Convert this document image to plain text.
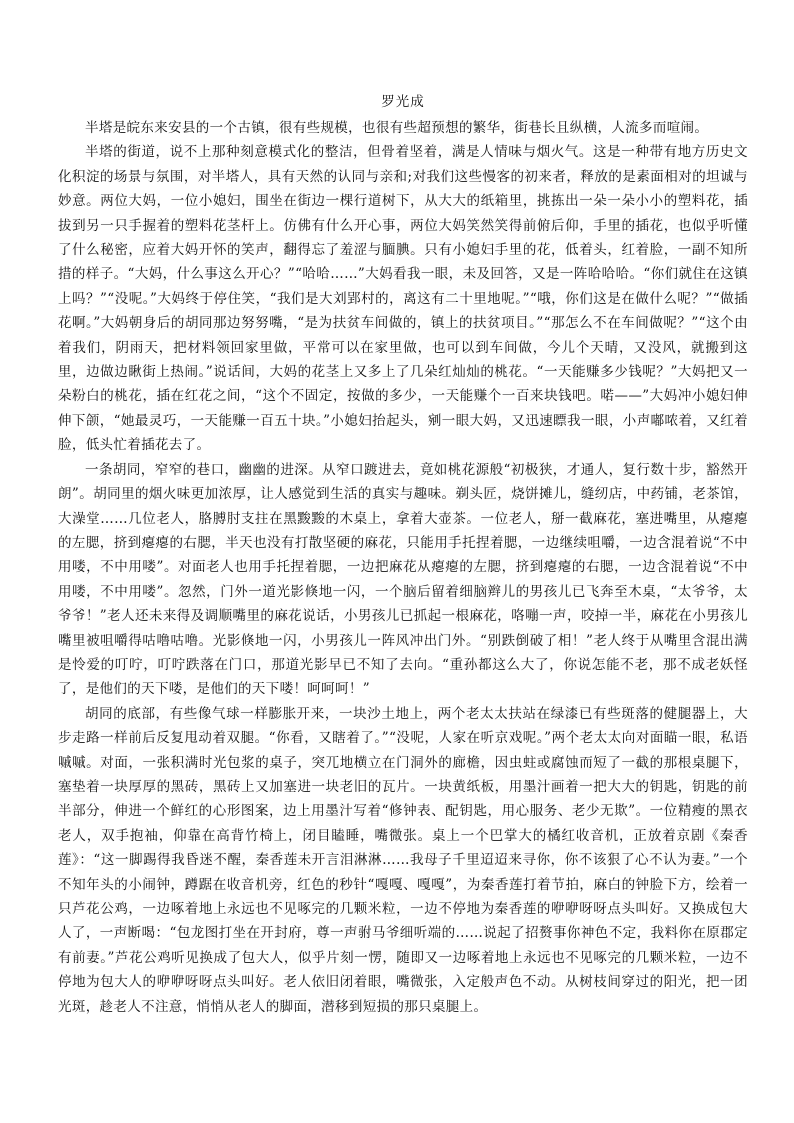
罗光成

半塔是皖东来安县的一个古镇，很有些规模，也很有些超预想的繁华，街巷长且纵横，人流多而喧闹。

半塔的街道，说不上那种刻意模式化的整洁，但骨着坚着，满是人情味与烟火气。这是一种带有地方历史文化积淀的场景与氛围，对半塔人，具有天然的认同与亲和;对我们这些慢客的初来者，释放的是素面相对的坦诚与妙意。两位大妈，一位小媳妇，围坐在街边一棵行道树下，从大大的纸箱里，挑拣出一朵一朵小小的塑料花，插拔到另一只手握着的塑料花茎杆上。仿佛有什么开心事，两位大妈笑然笑得前俯后仰，手里的插花，也似乎听懂了什么秘密，应着大妈开怀的笑声，翻得忘了羞涩与腼腆。只有小媳妇手里的花，低着头，红着脸，一副不知所措的样子。“大妈，什么事这么开心？”“哈哈……”大妈看我一眼，未及回答，又是一阵哈哈哈。“你们就住在这镇上吗？”“没呢。”大妈终于停住笑，“我们是大刘郢村的，离这有二十里地呢。”“哦，你们这是在做什么呢？”“做插花啊。”大妈朝身后的胡同那边努努嘴，“是为扶贫车间做的，镇上的扶贫项目。”“那怎么不在车间做呢？”“这个由着我们，阴雨天，把材料领回家里做，平常可以在家里做，也可以到车间做，今儿个天晴，又没风，就搬到这里，边做边瞅街上热闹。”说话间，大妈的花茎上又多上了几朵红灿灿的桃花。“一天能赚多少钱呢？”大妈把又一朵粉白的桃花，插在红花之间，“这个不固定，按做的多少，一天能赚个一百来块钱吧。喏——”大妈冲小媳妇伸伸下颌，“她最灵巧，一天能赚一百五十块。”小媳妇抬起头，剜一眼大妈，又迅速瞟我一眼，小声嘟哝着，又红着脸，低头忙着插花去了。

一条胡同，窄窄的巷口，幽幽的进深。从窄口踱进去，竟如桃花源般“初极狭，才通人，复行数十步，豁然开朗”。胡同里的烟火味更加浓厚，让人感觉到生活的真实与趣味。剃头匠，烧饼摊儿，缝纫店，中药铺，老茶馆，大澡堂……几位老人，胳膊肘支拄在黑黢黢的木桌上，拿着大壶茶。一位老人，掰一截麻花，塞进嘴里，从瘪瘪的左腮，挤到瘪瘪的右腮，半天也没有打散坚硬的麻花，只能用手托捏着腮，一边继续咀嚼，一边含混着说“不中用喽，不中用喽”。对面老人也用手托捏着腮，一边把麻花从瘪瘪的左腮，挤到瘪瘪的右腮，一边含混着说“不中用喽，不中用喽”。忽然，门外一道光影倏地一闪，一个脑后留着细脑辫儿的男孩儿已飞奔至木桌，“太爷爷，太爷爷！”老人还未来得及调顺嘴里的麻花说话，小男孩儿已抓起一根麻花，咯嘣一声，咬掉一半，麻花在小男孩儿嘴里被咀嚼得咕噜咕噜。光影倏地一闪，小男孩儿一阵风冲出门外。“别跌倒破了相！”老人终于从嘴里含混出满是怜爱的叮咛，叮咛跌落在门口，那道光影早已不知了去向。“重孙都这么大了，你说怎能不老，那不成老妖怪了，是他们的天下喽，是他们的天下喽！呵呵呵！”

胡同的底部，有些像气球一样膨胀开来，一块沙土地上，两个老太太扶站在绿漆已有些斑落的健腿器上，大步走路一样前后反复甩动着双腿。“你看，又瞎着了。”“没呢，人家在听京戏呢。”两个老太太向对面瞄一眼，私语嘁嘁。对面，一张积满时光包浆的桌子，突兀地横立在门洞外的廊檐，因虫蛀或腐蚀而短了一截的那根桌腿下，塞垫着一块厚厚的黑砖，黑砖上又加塞进一块老旧的瓦片。一块黄纸板，用墨汁画着一把大大的钥匙，钥匙的前半部分，伸进一个鲜红的心形图案，边上用墨汁写着“修钟表、配钥匙，用心服务、老少无欺”。一位精瘦的黑衣老人，双手抱袖，仰靠在高背竹椅上，闭目瞌睡，嘴微张。桌上一个巴掌大的橘红收音机，正放着京剧《秦香莲》：“这一脚踢得我昏迷不醒，秦香莲未开言泪淋淋……我母子千里迢迢来寻你，你不该狠了心不认为妻。”一个不知年头的小闹钟，蹲踞在收音机旁，红色的秒针“嘎嘎、嘎嘎”，为秦香莲打着节拍，麻白的钟脸下方，绘着一只芦花公鸡，一边啄着地上永远也不见啄完的几颗米粒，一边不停地为秦香莲的咿咿呀呀点头叫好。又换成包大人了，一声断喝：“包龙图打坐在开封府，尊一声驸马爷细听端的……说起了招赘事你神色不定，我料你在原郡定有前妻。”芦花公鸡听见换成了包大人，似乎片刻一愣，随即又一边啄着地上永远也不见啄完的几颗米粒，一边不停地为包大人的咿咿呀呀点头叫好。老人依旧闭着眼，嘴微张，入定般声色不动。从树枝间穿过的阳光，把一团光斑，趁老人不注意，悄悄从老人的脚面，潜移到短损的那只桌腿上。
